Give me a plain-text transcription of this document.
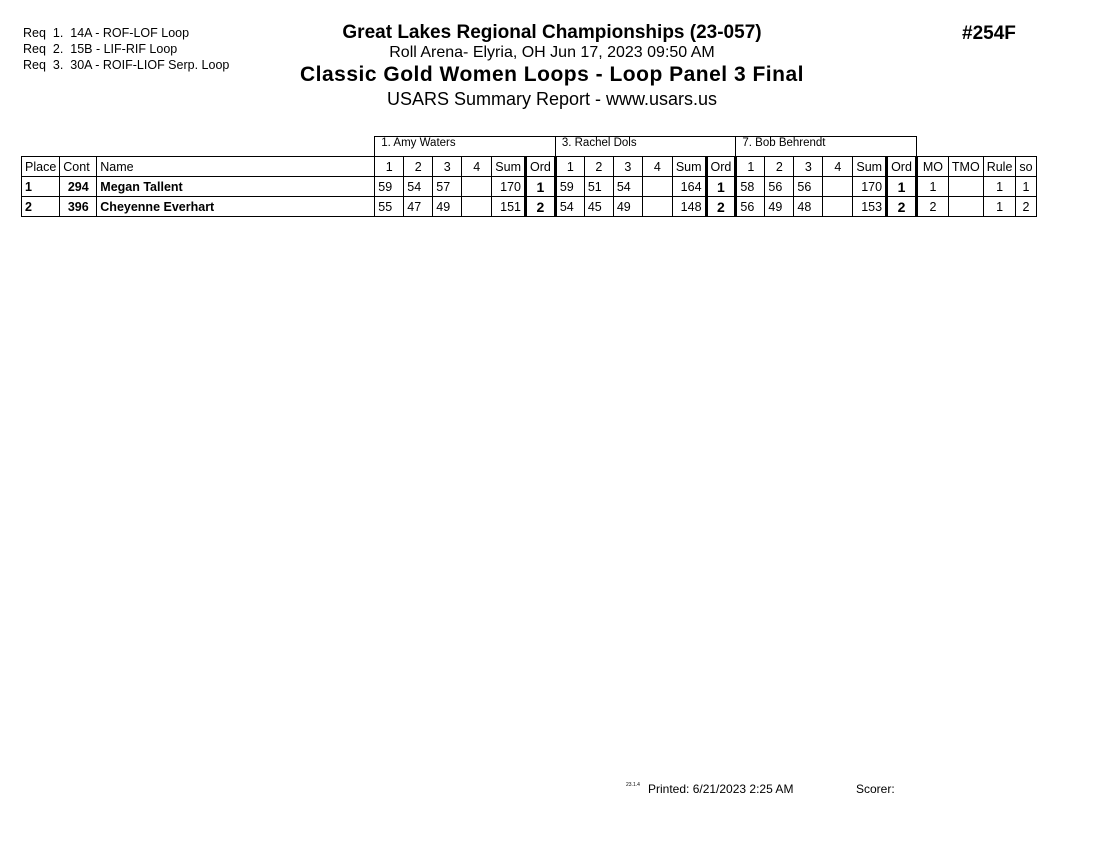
Req  1.  14A - ROF-LOF Loop
Req  2.  15B - LIF-RIF Loop
Req  3.  30A - ROIF-LIOF Serp. Loop
Great Lakes Regional Championships (23-057)
Roll Arena- Elyria, OH Jun 17, 2023 09:50 AM
Classic Gold Women Loops - Loop Panel 3 Final
USARS Summary Report - www.usars.us
#254F
			1. Amy Waters						3. Rachel Dols						7. Bob Behrendt									
Place	Cont	Name	1	2	3	4	Sum	Ord	1	2	3	4	Sum	Ord	1	2	3	4	Sum	Ord	MO	TMO	Rule	so
1	294	Megan Tallent	59	54	57		170	1	59	51	54		164	1	58	56	56		170	1	1		1	1
2	396	Cheyenne Everhart	55	47	49		151	2	54	45	49		148	2	56	49	48		153	2	2		1	2
23.1.4 Printed: 6/21/2023 2:25 AM	Scorer:
